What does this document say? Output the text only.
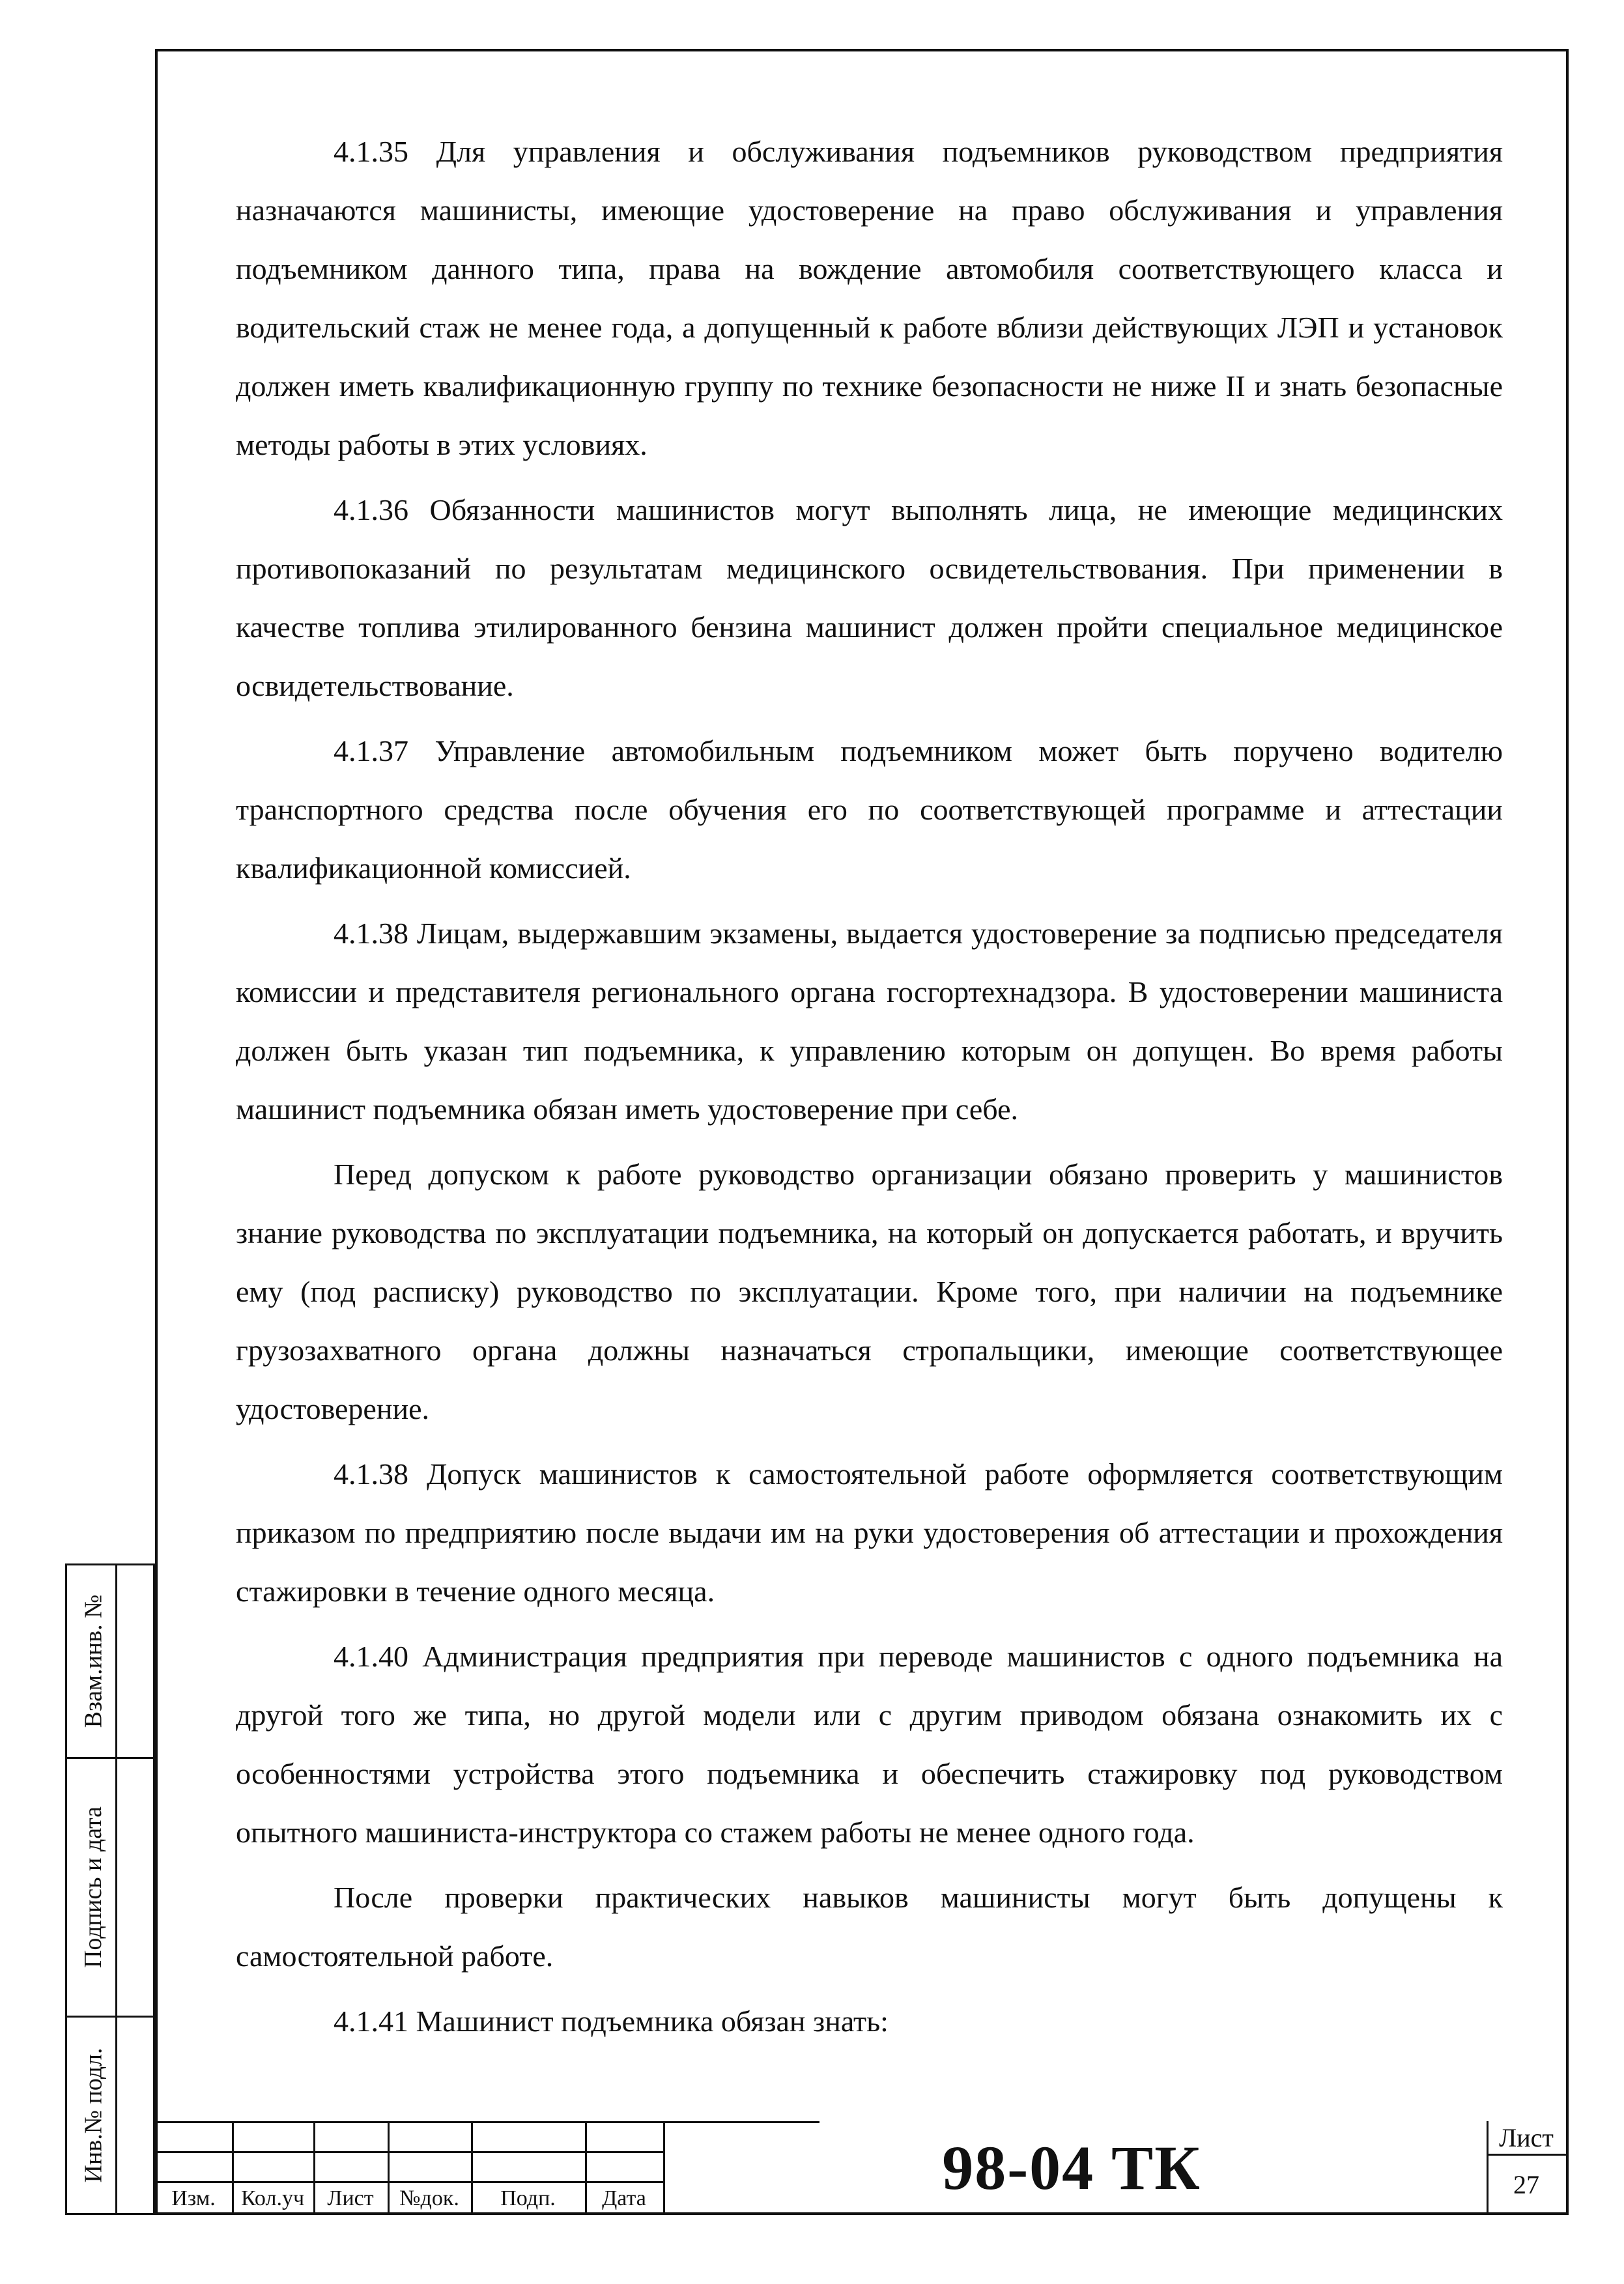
4.1.35 Для управления и обслуживания подъемников руководством предприятия назначаются машинисты, имеющие удостоверение на право обслуживания и управления подъемником данного типа, права на вождение автомобиля соответствующего класса и водительский стаж не менее года, а допущенный к работе вблизи действующих ЛЭП и установок должен иметь квалификационную группу по технике безопасности не ниже II и знать безопасные методы работы в этих условиях.

4.1.36 Обязанности машинистов могут выполнять лица, не имеющие медицинских противопоказаний по результатам медицинского освидетельствования. При применении в качестве топлива этилированного бензина машинист должен пройти специальное медицинское освидетельствование.

4.1.37 Управление автомобильным подъемником может быть поручено водителю транспортного средства после обучения его по соответствующей программе и аттестации квалификационной комиссией.

4.1.38 Лицам, выдержавшим экзамены, выдается удостоверение за подписью председателя комиссии и представителя регионального органа госгортехнадзора. В удостоверении машиниста должен быть указан тип подъемника, к управлению которым он допущен. Во время работы машинист подъемника обязан иметь удостоверение при себе.

Перед допуском к работе руководство организации обязано проверить у машинистов знание руководства по эксплуатации подъемника, на который он допускается работать, и вручить ему (под расписку) руководство по эксплуатации. Кроме того, при наличии на подъемнике грузозахватного органа должны назначаться стропальщики, имеющие соответствующее удостоверение.

4.1.38 Допуск машинистов к самостоятельной работе оформляется соответствующим приказом по предприятию после выдачи им на руки удостоверения об аттестации и прохождения стажировки в течение одного месяца.

4.1.40 Администрация предприятия при переводе машинистов с одного подъемника на другой того же типа, но другой модели или с другим приводом обязана ознакомить их с особенностями устройства этого подъемника и обеспечить стажировку под руководством опытного машиниста-инструктора со стажем работы не менее одного года.

После проверки практических навыков машинисты могут быть допущены к самостоятельной работе.

4.1.41 Машинист подъемника обязан знать:

Взам.инв. №
Подпись и дата
Инв.№ подл.
Изм.	Кол.уч	Лист	№док.	Подп.	Дата	98-04 ТК	Лист
27
